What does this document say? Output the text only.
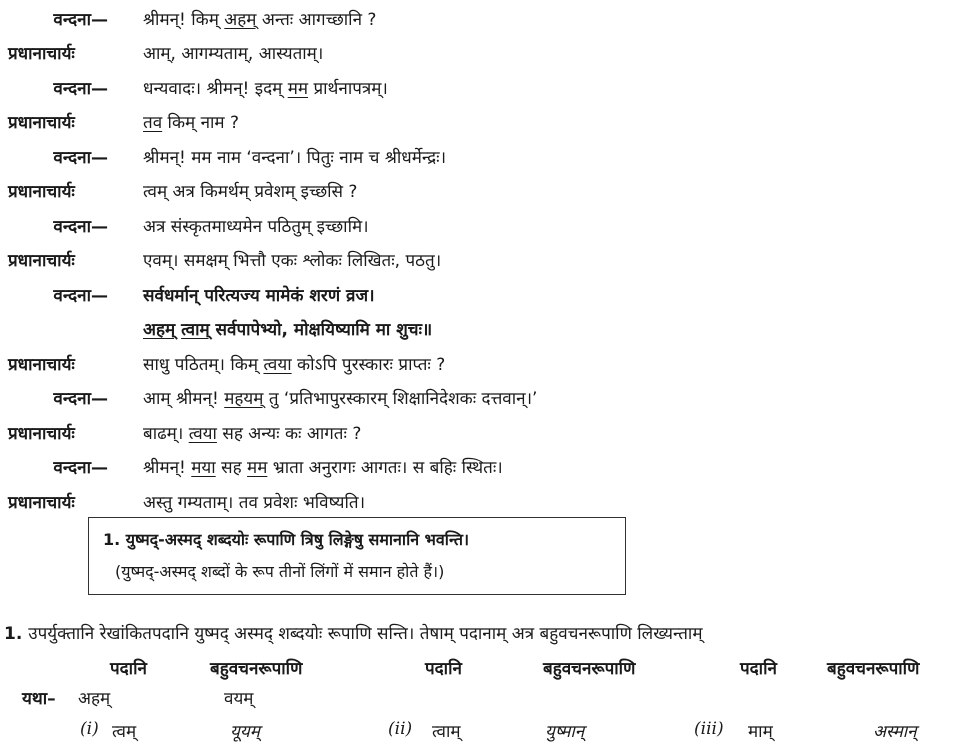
वन्दना— श्रीमन्! किम् अहम् अन्तः आगच्छानि ?
प्रधानाचार्यः	आम्, आगम्यताम्, आस्यताम्।
वन्दना— धन्यवादः। श्रीमन्! इदम् मम प्रार्थनापत्रम्।
प्रधानाचार्यः	तव किम् नाम ?
वन्दना— श्रीमन्! मम नाम ‘वन्दना’। पितुः नाम च श्रीधर्मेन्द्रः।
प्रधानाचार्यः	त्वम् अत्र किमर्थम् प्रवेशम् इच्छसि ?
वन्दना— अत्र संस्कृतमाध्यमेन पठितुम् इच्छामि।
प्रधानाचार्यः	एवम्। समक्षम् भित्तौ एकः श्लोकः लिखितः, पठतु।
वन्दना— सर्वधर्मान् परित्यज्य मामेकं शरणं व्रज।
अहम् त्वाम् सर्वपापेभ्यो, मोक्षयिष्यामि मा शुचः॥
प्रधानाचार्यः	साधु पठितम्। किम् त्वया कोऽपि पुरस्कारः प्राप्तः ?
वन्दना— आम् श्रीमन्! महयम् तु ‘प्रतिभापुरस्कारम् शिक्षानिदेशकः दत्तवान्।’
प्रधानाचार्यः	बाढम्। त्वया सह अन्यः कः आगतः ?
वन्दना— श्रीमन्! मया सह मम भ्राता अनुरागः आगतः। स बहिः स्थितः।
प्रधानाचार्यः	अस्तु गम्यताम्। तव प्रवेशः भविष्यति।
1. युष्मद्-अस्मद् शब्दयोः रूपाणि त्रिषु लिङ्गेषु समानानि भवन्ति।
(युष्मद्-अस्मद् शब्दों के रूप तीनों लिंगों में समान होते हैं।)
1. उपर्युक्तानि रेखांकितपदानि युष्मद् अस्मद् शब्दयोः रूपाणि सन्ति। तेषाम् पदानाम् अत्र बहुवचनरूपाणि लिख्यन्ताम्
पदानि	बहुवचनरूपाणि	पदानि	बहुवचनरूपाणि	पदानि	बहुवचनरूपाणि
यथा– अहम्	वयम्
(i) त्वम्	यूयम्	(ii) त्वाम्	युष्मान्	(iii) माम्	अस्मान्
